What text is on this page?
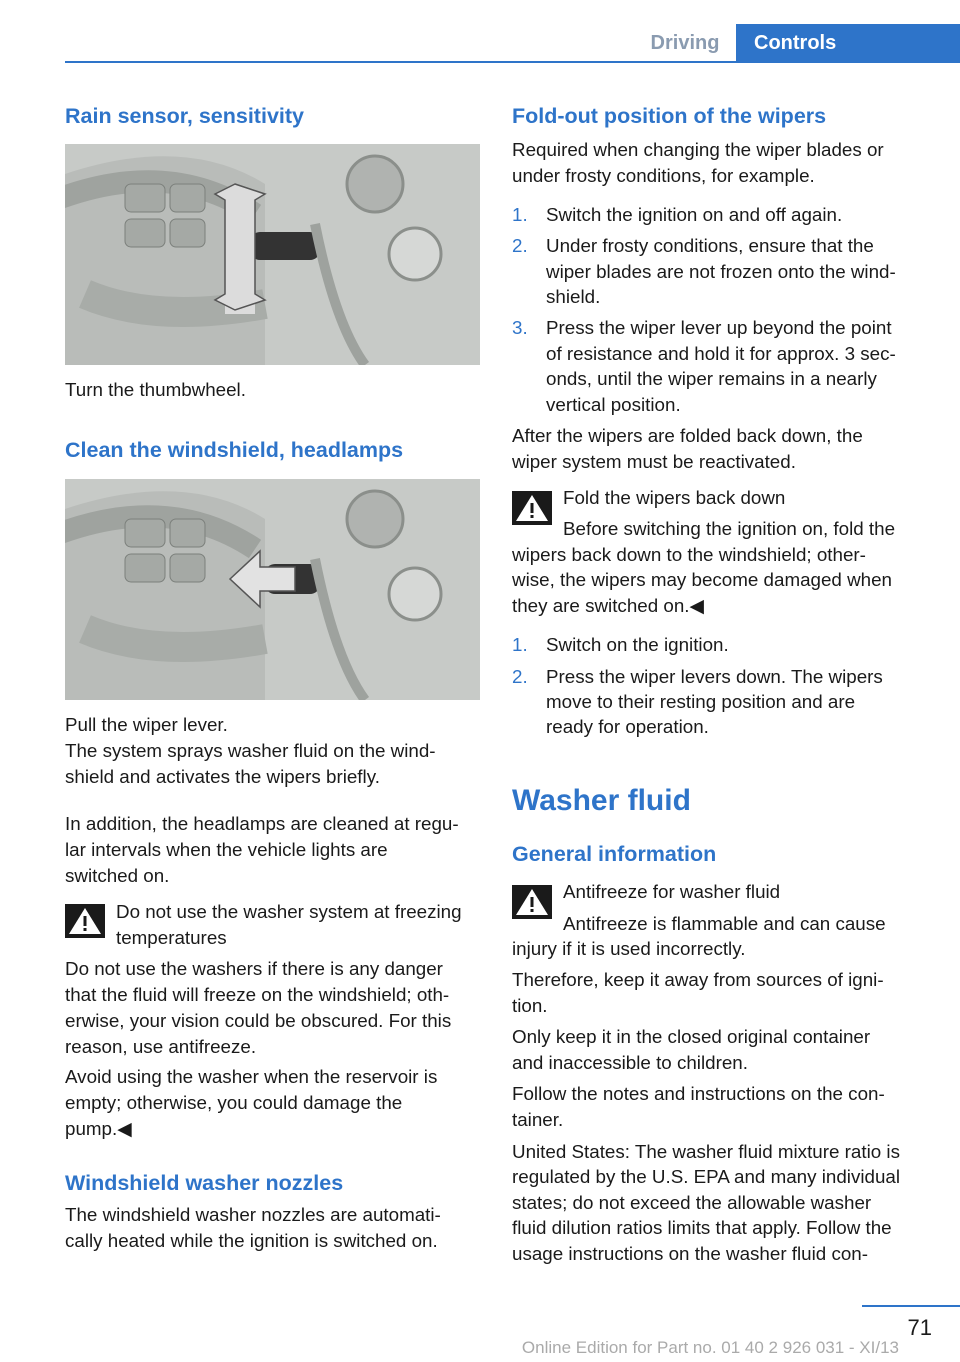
Driving	Controls
Rain sensor, sensitivity
Turn the thumbwheel.
Clean the windshield, headlamps
Pull the wiper lever.
The system sprays washer fluid on the wind‐
shield and activates the wipers briefly.
In addition, the headlamps are cleaned at regu‐
lar intervals when the vehicle lights are
switched on.
Do not use the washer system at freezing
temperatures
Do not use the washers if there is any danger
that the fluid will freeze on the windshield; oth‐
erwise, your vision could be obscured. For this
reason, use antifreeze.
Avoid using the washer when the reservoir is
empty; otherwise, you could damage the
pump.◀
Windshield washer nozzles
The windshield washer nozzles are automati‐
cally heated while the ignition is switched on.
Fold-out position of the wipers
Required when changing the wiper blades or
under frosty conditions, for example.
1. Switch the ignition on and off again.
2. Under frosty conditions, ensure that the
wiper blades are not frozen onto the wind‐
shield.
3. Press the wiper lever up beyond the point
of resistance and hold it for approx. 3 sec‐
onds, until the wiper remains in a nearly
vertical position.
After the wipers are folded back down, the
wiper system must be reactivated.
Fold the wipers back down
Before switching the ignition on, fold the
wipers back down to the windshield; other‐
wise, the wipers may become damaged when
they are switched on.◀
1. Switch on the ignition.
2. Press the wiper levers down. The wipers
move to their resting position and are
ready for operation.
Washer fluid
General information
Antifreeze for washer fluid
Antifreeze is flammable and can cause
injury if it is used incorrectly.
Therefore, keep it away from sources of igni‐
tion.
Only keep it in the closed original container
and inaccessible to children.
Follow the notes and instructions on the con‐
tainer.
United States: The washer fluid mixture ratio is
regulated by the U.S. EPA and many individual
states; do not exceed the allowable washer
fluid dilution ratios limits that apply. Follow the
usage instructions on the washer fluid con‐
71
Online Edition for Part no. 01 40 2 926 031 - XI/13
